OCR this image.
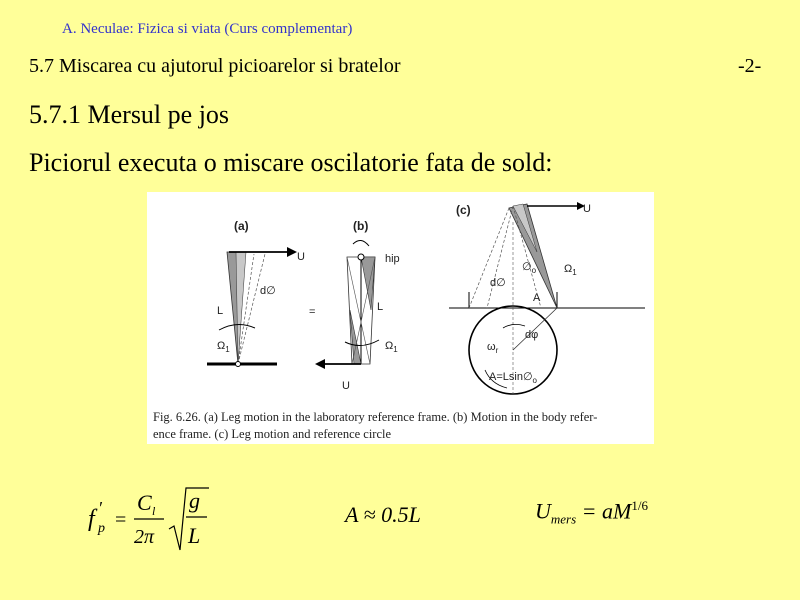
A. Neculae: Fizica si viata (Curs complementar)
5.7 Miscarea cu ajutorul picioarelor si bratelor	-2-
5.7.1 Mersul pe jos
Piciorul executa o miscare oscilatorie fata de sold:
(a)
U
d∅
L
$\Omega_1$
=
(b)
hip
L
$\Omega_1$
U
(c)	U
$\emptyset_o$	$\Omega_1$
d∅
A
dφ
$\omega_r$
$A=Lsin\emptyset_o$
Fig. 6.26. (a) Leg motion in the laboratory reference frame. (b) Motion in the body refer-
ence frame. (c) Leg motion and reference circle
f ′
p =
C l
2π
g
L
A ≈ 0.5L	$U_{mers} = aM^{1/6}$
